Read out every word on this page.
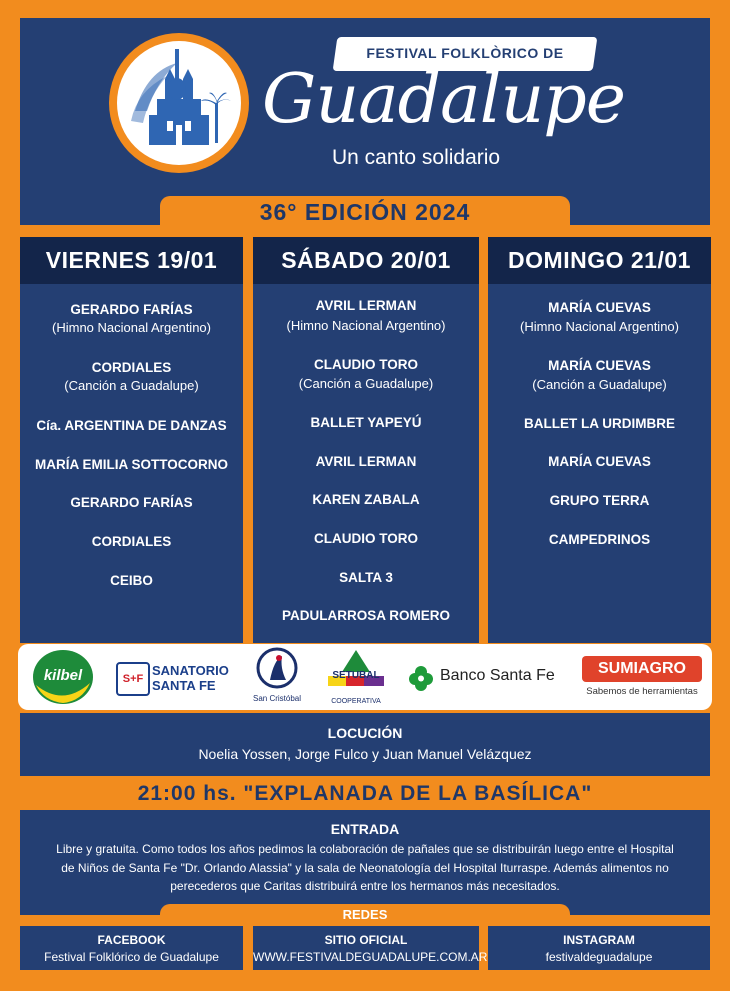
FESTIVAL FOLKLÒRICO DE
Guadalupe
Un canto solidario
36° EDICIÓN 2024
VIERNES 19/01
GERARDO FARÍAS
(Himno Nacional Argentino)
CORDIALES
(Canción a Guadalupe)
Cía. ARGENTINA DE DANZAS
MARÍA EMILIA SOTTOCORNO
GERARDO FARÍAS
CORDIALES
CEIBO
SÁBADO 20/01
AVRIL LERMAN
(Himno Nacional Argentino)
CLAUDIO TORO
(Canción a Guadalupe)
BALLET YAPEYÚ
AVRIL LERMAN
KAREN ZABALA
CLAUDIO TORO
SALTA 3
PADULARROSA ROMERO
DOMINGO 21/01
MARÍA CUEVAS
(Himno Nacional Argentino)
MARÍA CUEVAS
(Canción a Guadalupe)
BALLET LA URDIMBRE
MARÍA CUEVAS
GRUPO TERRA
CAMPEDRINOS
kilbel	S+F
SANATORIO
SANTA FE
San Cristóbal
SETUBAL
COOPERATIVA
Banco Santa Fe	SUMIAGRO
Sabemos de herramientas
LOCUCIÓN
Noelia Yossen, Jorge Fulco y Juan Manuel Velázquez
21:00 hs. "EXPLANADA DE LA BASÍLICA"
ENTRADA
Libre y gratuita. Como todos los años pedimos la colaboración de pañales que se distribuirán luego entre el Hospital de Niños de Santa Fe "Dr. Orlando Alassia" y la sala de Neonatología del Hospital Iturraspe. Además alimentos no perecederos que Caritas distribuirá entre los hermanos más necesitados.
REDES
FACEBOOK
Festival Folklórico de Guadalupe
SITIO OFICIAL
WWW.FESTIVALDEGUADALUPE.COM.AR
INSTAGRAM
festivaldeguadalupe
